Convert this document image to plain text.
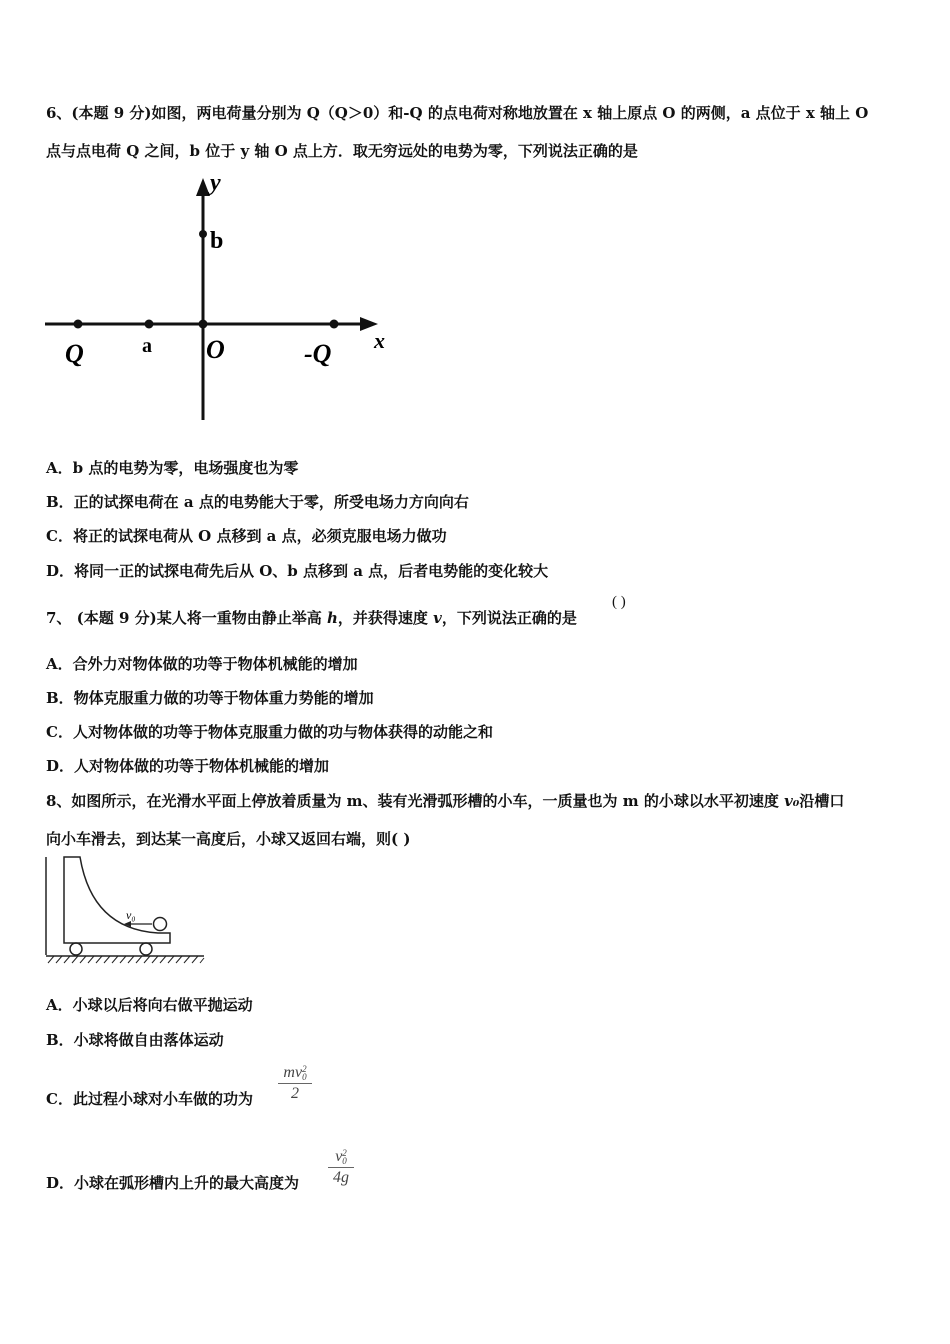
6、(本题 9 分)如图，两电荷量分别为 Q（Q＞0）和-Q 的点电荷对称地放置在 x 轴上原点 O 的两侧，a 点位于 x 轴上 O
点与点电荷 Q 之间，b 位于 y 轴 O 点上方．取无穷远处的电势为零，下列说法正确的是
y
b
Q	a O	-Q x
A．b 点的电势为零，电场强度也为零
B．正的试探电荷在 a 点的电势能大于零，所受电场力方向向右
C．将正的试探电荷从 O 点移到 a 点，必须克服电场力做功
D．将同一正的试探电荷先后从 O、b 点移到 a 点，后者电势能的变化较大
7、 (本题 9 分)某人将一重物由静止举高 h，并获得速度 v，下列说法正确的是
( )
A．合外力对物体做的功等于物体机械能的增加
B．物体克服重力做的功等于物体重力势能的增加
C．人对物体做的功等于物体克服重力做的功与物体获得的动能之和
D．人对物体做的功等于物体机械能的增加
8、如图所示，在光滑水平面上停放着质量为 m、装有光滑弧形槽的小车，一质量也为 m 的小球以水平初速度 v₀沿槽口
向小车滑去，到达某一高度后，小球又返回右端，则( )
v₀
A．小球以后将向右做平抛运动
B．小球将做自由落体运动
C．此过程小球对小车做的功为
mv 2
0
2
D．小球在弧形槽内上升的最大高度为
v 2
0
4g
